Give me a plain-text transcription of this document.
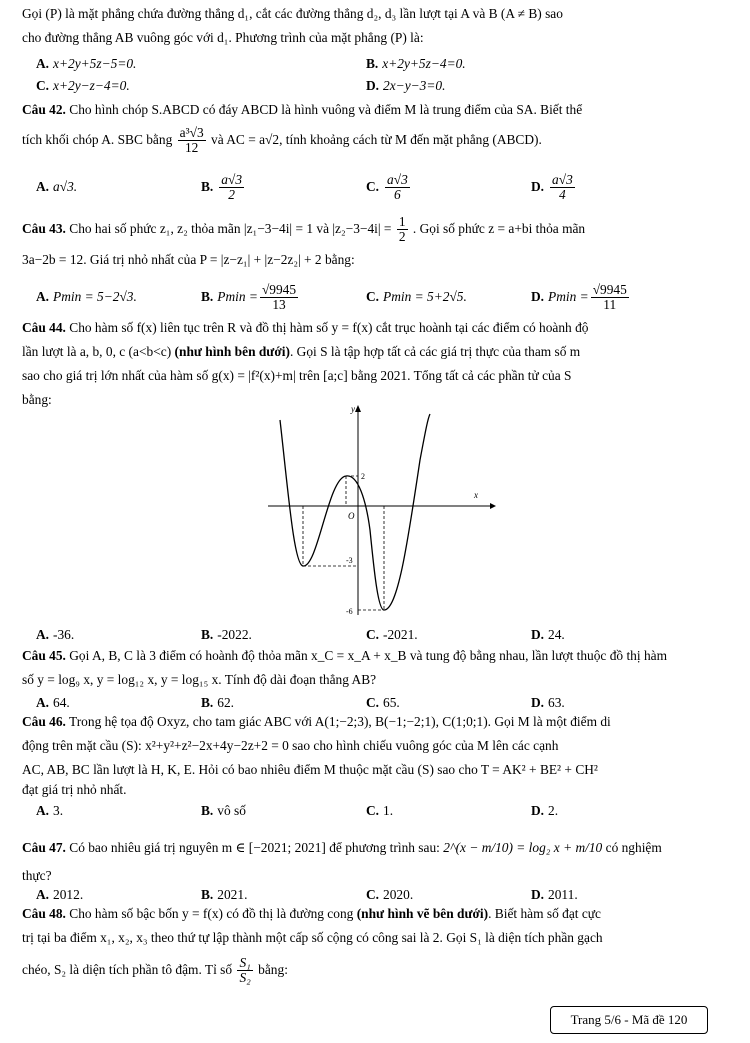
Gọi (P) là mặt phẳng chứa đường thẳng d₁, cắt các đường thẳng d₂, d₃ lần lượt tại A và B (A ≠ B) sao
cho đường thẳng AB vuông góc với d₁. Phương trình của mặt phẳng (P) là:
A. x+2y+5z−5=0.	B. x+2y+5z−4=0.
C. x+2y−z−4=0.	D. 2x−y−3=0.
Câu 42. Cho hình chóp S.ABCD có đáy ABCD là hình vuông và điểm M là trung điểm của SA. Biết thể
tích khối chóp A. SBC bằng $\frac{\text{a³√3}}{12}$ và AC = a√2, tính khoảng cách từ M đến mặt phẳng (ABCD).
A. a√3.	B. $\frac{a√3}{2}$	C. $\frac{a√3}{6}$	D. $\frac{a√3}{4}$
Câu 43. Cho hai số phức z₁, z₂ thỏa mãn |z₁−3−4i| = 1 và $|z_2-3-4i| = \frac{1}{2}$ . Gọi số phức z = a+bi thỏa mãn
3a−2b = 12. Giá trị nhỏ nhất của P = |z−z₁| + |z−2z₂| + 2 bằng:
A. Pmin = 5−2√3.	B. $Pmin = \frac{√9945}{13}$	C. Pmin = 5+2√5.	D. $Pmin = \frac{√9945}{11}$
Câu 44. Cho hàm số f(x) liên tục trên R và đồ thị hàm số y = f(x) cắt trục hoành tại các điểm có hoành độ
lần lượt là a, b, 0, c (a<b<c) (như hình bên dưới). Gọi S là tập hợp tất cả các giá trị thực của tham số m
sao cho giá trị lớn nhất của hàm số g(x) = |f²(x)+m| trên [a;c] bằng 2021. Tổng tất cả các phần tử của S
bằng:
y
x
O
2
-3
-6
A. -36.	B. -2022.	C. -2021.	D. 24.
Câu 45. Gọi A, B, C là 3 điểm có hoành độ thỏa mãn x_C = x_A + x_B và tung độ bằng nhau, lần lượt thuộc đồ thị hàm
số y = log₉ x, y = log₁₂ x, y = log₁₅ x. Tính độ dài đoạn thẳng AB?
A. 64.	B. 62.	C. 65.	D. 63.
Câu 46. Trong hệ tọa độ Oxyz, cho tam giác ABC với A(1;−2;3), B(−1;−2;1), C(1;0;1). Gọi M là một điểm di
động trên mặt cầu (S): x²+y²+z²−2x+4y−2z+2 = 0 sao cho hình chiếu vuông góc của M lên các cạnh
AC, AB, BC lần lượt là H, K, E. Hỏi có bao nhiêu điểm M thuộc mặt cầu (S) sao cho T = AK² + BE² + CH²
đạt giá trị nhỏ nhất.
A. 3.	B. vô số	C. 1.	D. 2.
Câu 47. Có bao nhiêu giá trị nguyên m ∈ [−2021; 2021] để phương trình sau: 2^(x − m/10) = log₂ x + m/10 có nghiệm
thực?
A. 2012.	B. 2021.	C. 2020.	D. 2011.
Câu 48. Cho hàm số bậc bốn y = f(x) có đồ thị là đường cong (như hình vẽ bên dưới). Biết hàm số đạt cực
trị tại ba điểm x₁, x₂, x₃ theo thứ tự lập thành một cấp số cộng có công sai là 2. Gọi S₁ là diện tích phần gạch
chéo, S₂ là diện tích phần tô đậm. Tỉ số $\frac{\text{S₁}}{\text{S₂}}$ bằng:
Trang 5/6 - Mã đề 120
